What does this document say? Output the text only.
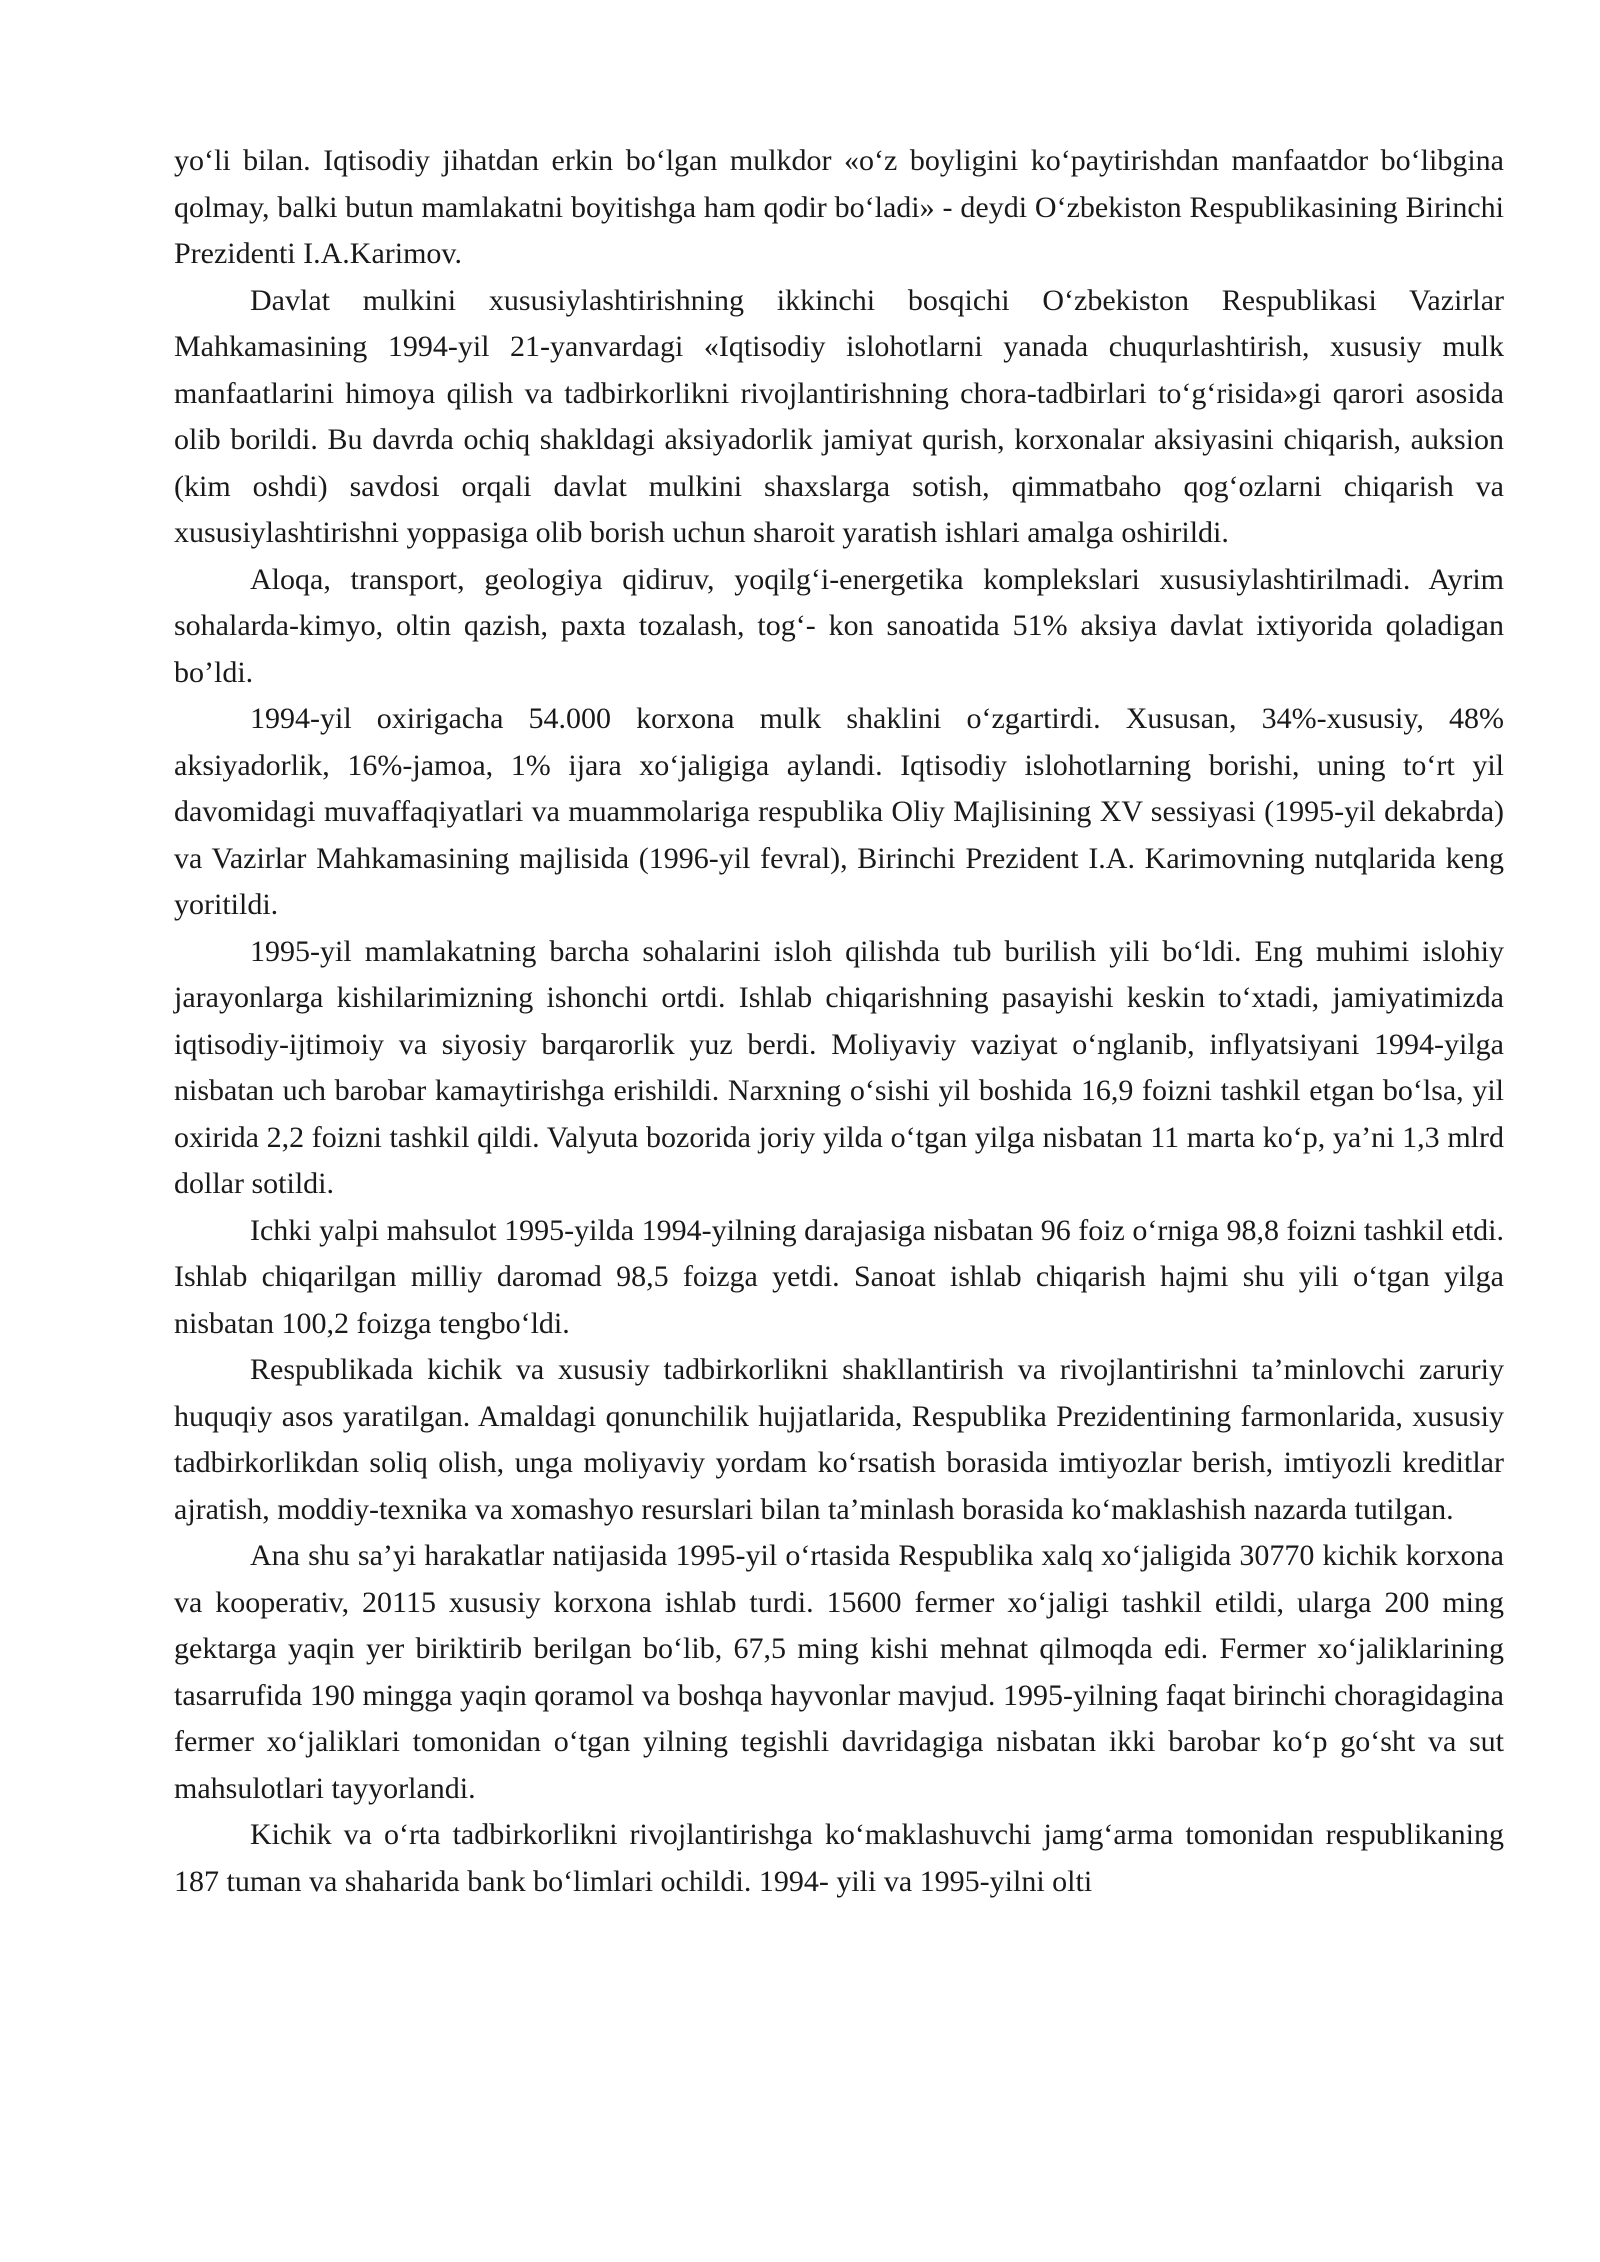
yo‘li bilan. Iqtisodiy jihatdan erkin bo‘lgan mulkdor «o‘z boyligini ko‘paytirishdan manfaatdor bo‘libgina qolmay, balki butun mamlakatni boyitishga ham qodir bo‘ladi» - deydi O‘zbekiston Respublikasining Birinchi Prezidenti I.A.Karimov.

Davlat mulkini xususiylashtirishning ikkinchi bosqichi O‘zbekiston Respublikasi Vazirlar Mahkamasining 1994-yil 21-yanvardagi «Iqtisodiy islohotlarni yanada chuqurlashtirish, xususiy mulk manfaatlarini himoya qilish va tadbirkorlikni rivojlantirishning chora-tadbirlari to‘g‘risida»gi qarori asosida olib borildi. Bu davrda ochiq shakldagi aksiyadorlik jamiyat qurish, korxonalar aksiyasini chiqarish, auksion (kim oshdi) savdosi orqali davlat mulkini shaxslarga sotish, qimmatbaho qog‘ozlarni chiqarish va xususiylashtirishni yoppasiga olib borish uchun sharoit yaratish ishlari amalga oshirildi.

Aloqa, transport, geologiya qidiruv, yoqilg‘i-energetika komplekslari xususiylashtirilmadi. Ayrim sohalarda-kimyo, oltin qazish, paxta tozalash, tog‘- kon sanoatida 51% aksiya davlat ixtiyorida qoladigan bo’ldi.

1994-yil oxirigacha 54.000 korxona mulk shaklini o‘zgartirdi. Xususan, 34%-xususiy, 48% aksiyadorlik, 16%-jamoa, 1% ijara xo‘jaligiga aylandi. Iqtisodiy islohotlarning borishi, uning to‘rt yil davomidagi muvaffaqiyatlari va muammolariga respublika Oliy Majlisining XV sessiyasi (1995-yil dekabrda) va Vazirlar Mahkamasining majlisida (1996-yil fevral), Birinchi Prezident I.A. Karimovning nutqlarida keng yoritildi.

1995-yil mamlakatning barcha sohalarini isloh qilishda tub burilish yili bo‘ldi. Eng muhimi islohiy jarayonlarga kishilarimizning ishonchi ortdi. Ishlab chiqarishning pasayishi keskin to‘xtadi, jamiyatimizda iqtisodiy-ijtimoiy va siyosiy barqarorlik yuz berdi. Moliyaviy vaziyat o‘nglanib, inflyatsiyani 1994-yilga nisbatan uch barobar kamaytirishga erishildi. Narxning o‘sishi yil boshida 16,9 foizni tashkil etgan bo‘lsa, yil oxirida 2,2 foizni tashkil qildi. Valyuta bozorida joriy yilda o‘tgan yilga nisbatan 11 marta ko‘p, ya’ni 1,3 mlrd dollar sotildi.

Ichki yalpi mahsulot 1995-yilda 1994-yilning darajasiga nisbatan 96 foiz o‘rniga 98,8 foizni tashkil etdi. Ishlab chiqarilgan milliy daromad 98,5 foizga yetdi. Sanoat ishlab chiqarish hajmi shu yili o‘tgan yilga nisbatan 100,2 foizga tengbo‘ldi.

Respublikada kichik va xususiy tadbirkorlikni shakllantirish va rivojlantirishni ta’minlovchi zaruriy huquqiy asos yaratilgan. Amaldagi qonunchilik hujjatlarida, Respublika Prezidentining farmonlarida, xususiy tadbirkorlikdan soliq olish, unga moliyaviy yordam ko‘rsatish borasida imtiyozlar berish, imtiyozli kreditlar ajratish, moddiy-texnika va xomashyo resurslari bilan ta’minlash borasida ko‘maklashish nazarda tutilgan.

Ana shu sa’yi harakatlar natijasida 1995-yil o‘rtasida Respublika xalq xo‘jaligida 30770 kichik korxona va kooperativ, 20115 xususiy korxona ishlab turdi. 15600 fermer xo‘jaligi tashkil etildi, ularga 200 ming gektarga yaqin yer biriktirib berilgan bo‘lib, 67,5 ming kishi mehnat qilmoqda edi. Fermer xo‘jaliklarining tasarrufida 190 mingga yaqin qoramol va boshqa hayvonlar mavjud. 1995-yilning faqat birinchi choragidagina fermer xo‘jaliklari tomonidan o‘tgan yilning tegishli davridagiga nisbatan ikki barobar ko‘p go‘sht va sut mahsulotlari tayyorlandi.

Kichik va o‘rta tadbirkorlikni rivojlantirishga ko‘maklashuvchi jamg‘arma tomonidan respublikaning 187 tuman va shaharida bank bo‘limlari ochildi. 1994- yili va 1995-yilni olti
